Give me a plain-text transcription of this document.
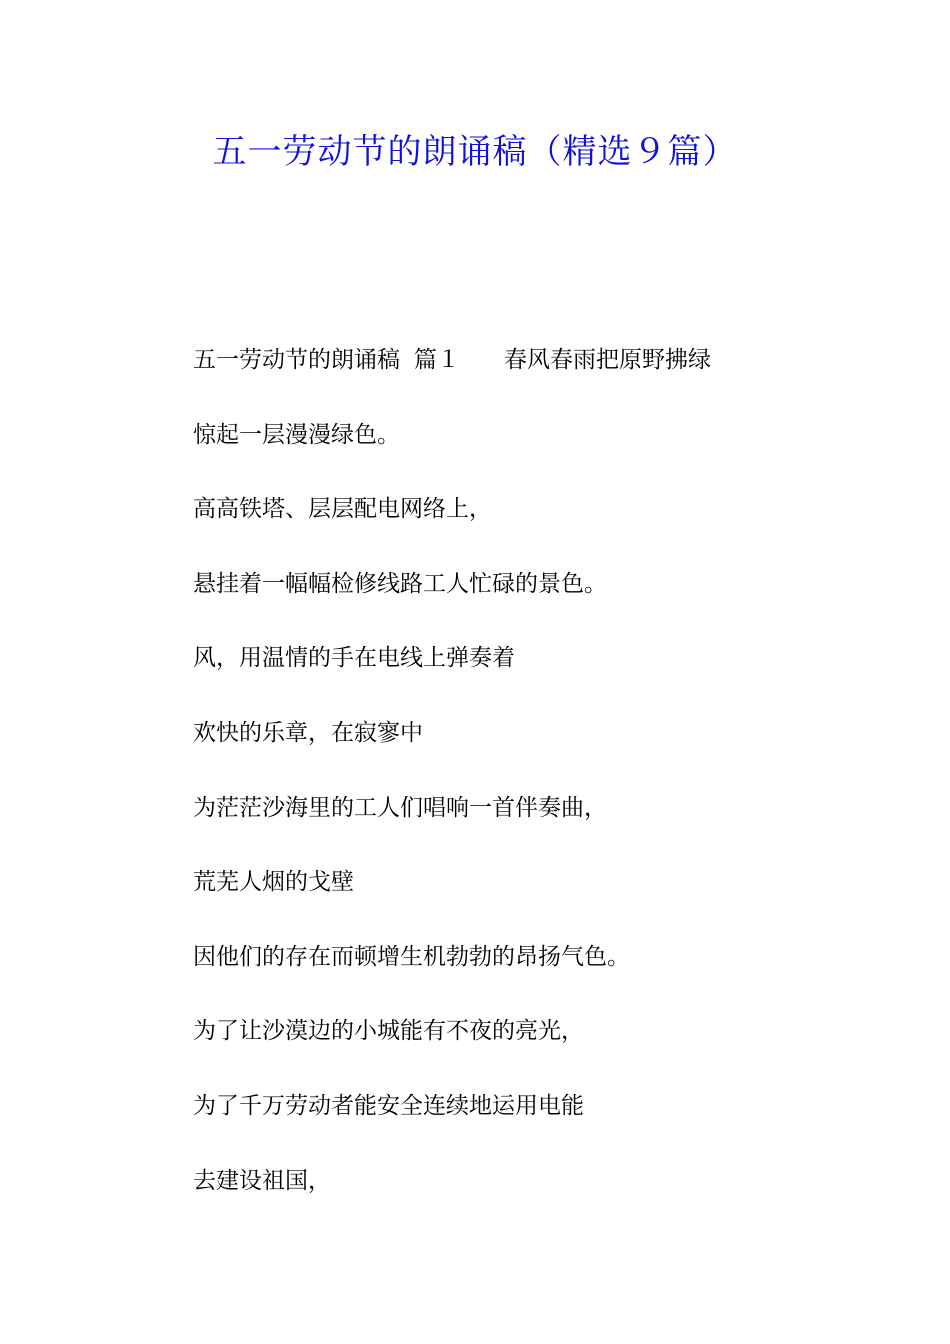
五一劳动节的朗诵稿（精选９篇）
五一劳动节的朗诵稿 篇１ 春风春雨把原野拂绿
惊起一层漫漫绿色。
高高铁塔、层层配电网络上，
悬挂着一幅幅检修线路工人忙碌的景色。
风，用温情的手在电线上弹奏着
欢快的乐章，在寂寥中
为茫茫沙海里的工人们唱响一首伴奏曲，
荒芜人烟的戈壁
因他们的存在而顿增生机勃勃的昂扬气色。
为了让沙漠边的小城能有不夜的亮光，
为了千万劳动者能安全连续地运用电能
去建设祖国，
